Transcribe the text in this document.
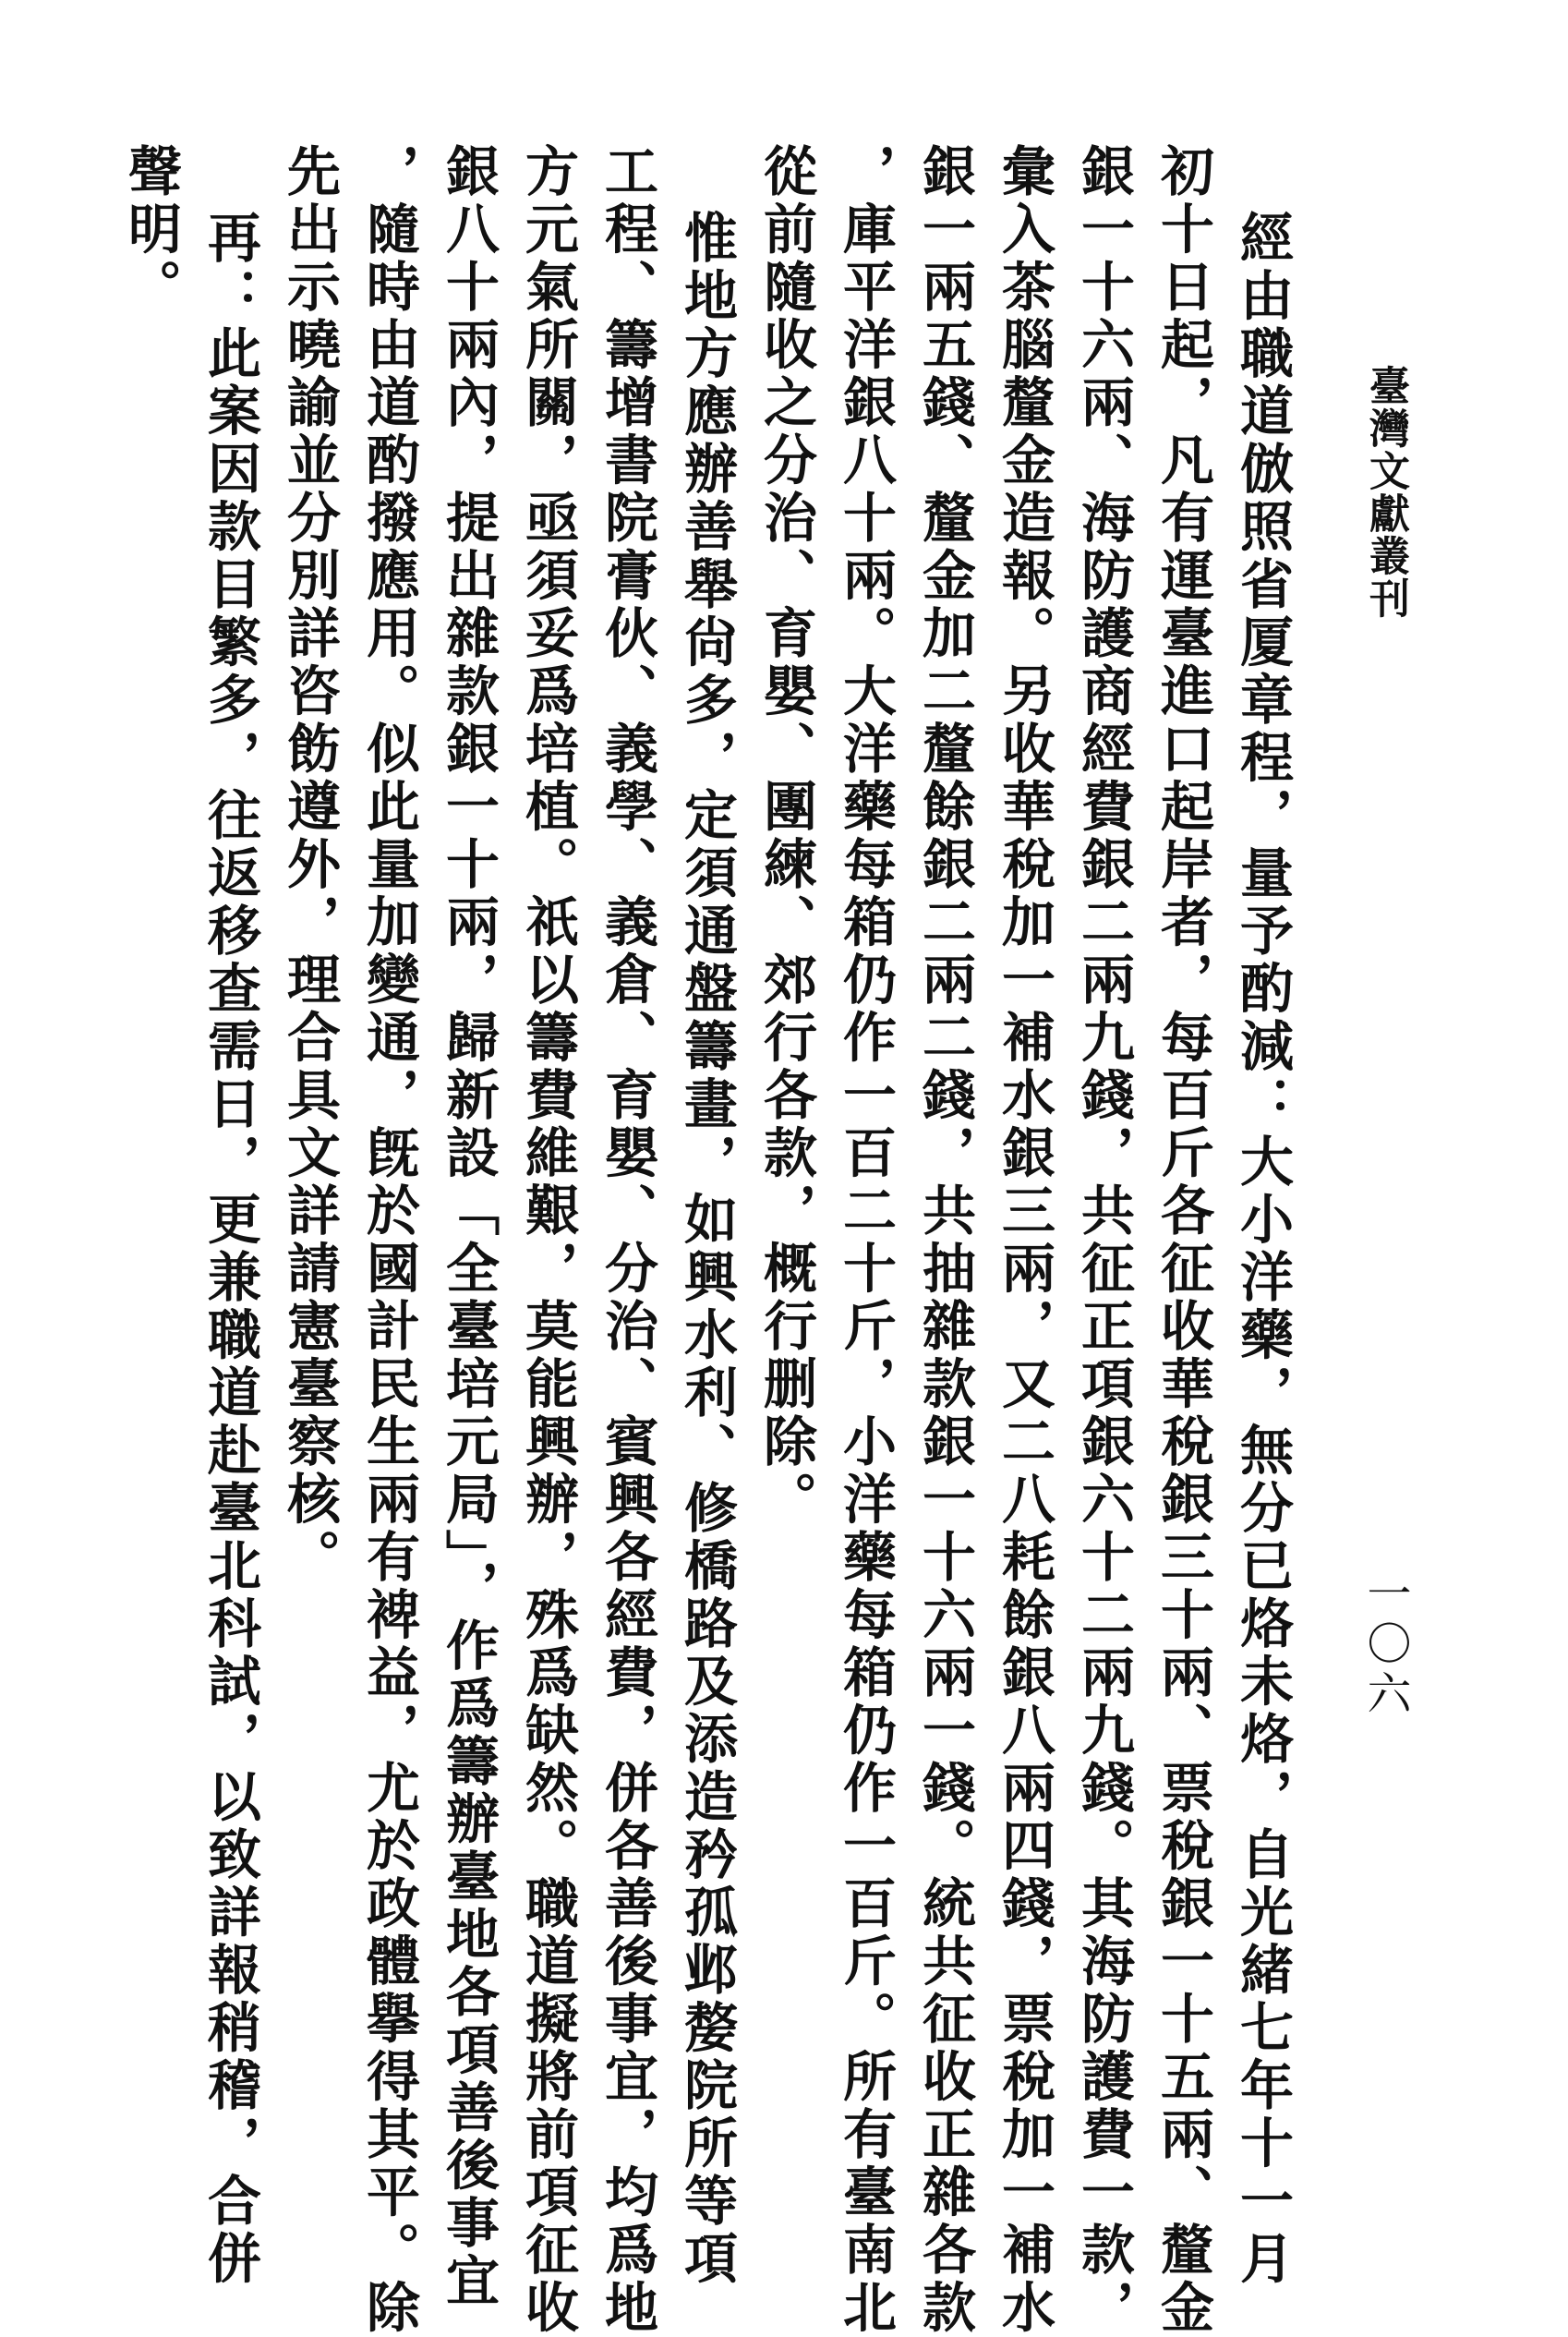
臺灣文獻叢刊
一〇六

經由職道倣照省厦章程，量予酌減：大小洋藥，無分已烙未烙，自光緒七年十一月

初十日起，凡有運臺進口起岸者，每百斤各征收華稅銀三十兩、票稅銀一十五兩、釐金

銀一十六兩、海防護商經費銀二兩九錢，共征正項銀六十二兩九錢。其海防護費一款，

彙入茶腦釐金造報。另收華稅加一補水銀三兩，又二八耗餘銀八兩四錢，票稅加一補水

銀一兩五錢、釐金加二釐餘銀二兩二錢，共抽雜款銀一十六兩一錢。統共征收正雜各款

，庫平洋銀八十兩。大洋藥每箱仍作一百二十斤，小洋藥每箱仍作一百斤。所有臺南北

從前隨收之分治、育嬰、團練、郊行各款，概行删除。

惟地方應辦善舉尙多，定須通盤籌畫，如興水利、修橋路及添造矜孤邺嫠院所等項

工程、籌增書院膏伙、義學、義倉、育嬰、分治、賓興各經費，併各善後事宜，均爲地

方元氣所關，亟須妥爲培植。祇以籌費維艱，莫能興辦，殊爲缺然。職道擬將前項征收

銀八十兩內，提出雜款銀一十兩，歸新設「全臺培元局」，作爲籌辦臺地各項善後事宜

，隨時由道酌撥應用。似此量加變通，旣於國計民生兩有裨益，尤於政體擧得其平。除

先出示曉諭並分別詳咨飭遵外，理合具文詳請憲臺察核。

再：此案因款目繁多，往返移查需日，更兼職道赴臺北科試，以致詳報稍稽，合併

聲明。
